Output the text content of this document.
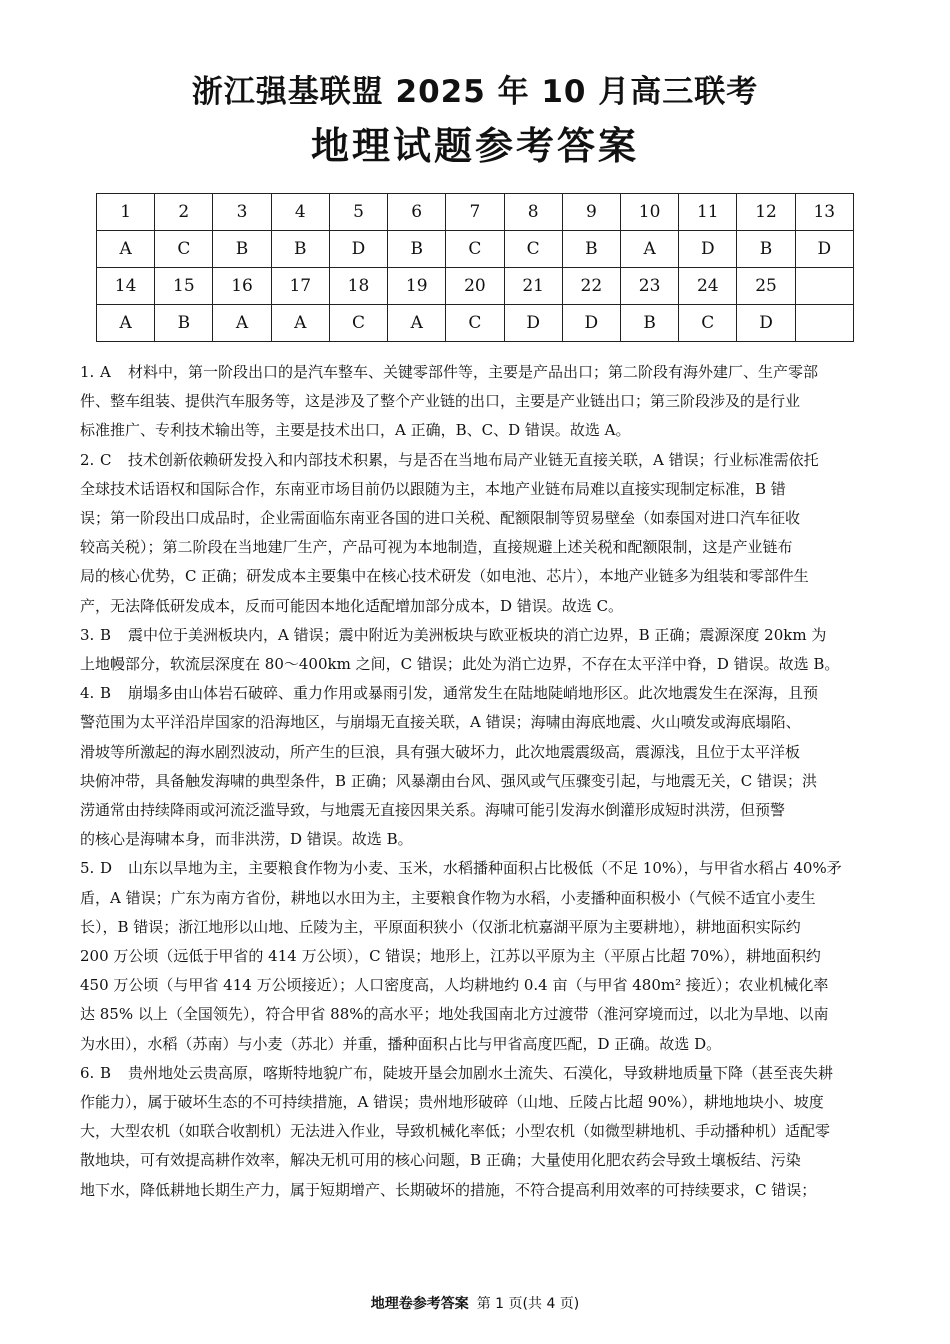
浙江强基联盟 2025 年 10 月高三联考
地理试题参考答案
1	2	3	4	5	6	7	8	9	10	11	12	13
A	C	B	B	D	B	C	C	B	A	D	B	D
14	15	16	17	18	19	20	21	22	23	24	25	
A	B	A	A	C	A	C	D	D	B	C	D	
1. A 材料中，第一阶段出口的是汽车整车、关键零部件等，主要是产品出口；第二阶段有海外建厂、生产零部
件、整车组装、提供汽车服务等，这是涉及了整个产业链的出口，主要是产业链出口；第三阶段涉及的是行业
标准推广、专利技术输出等，主要是技术出口，A 正确，B、C、D 错误。故选 A。
2. C 技术创新依赖研发投入和内部技术积累，与是否在当地布局产业链无直接关联，A 错误；行业标准需依托
全球技术话语权和国际合作，东南亚市场目前仍以跟随为主，本地产业链布局难以直接实现制定标准，B 错
误；第一阶段出口成品时，企业需面临东南亚各国的进口关税、配额限制等贸易壁垒（如泰国对进口汽车征收
较高关税）；第二阶段在当地建厂生产，产品可视为本地制造，直接规避上述关税和配额限制，这是产业链布
局的核心优势，C 正确；研发成本主要集中在核心技术研发（如电池、芯片），本地产业链多为组装和零部件生
产，无法降低研发成本，反而可能因本地化适配增加部分成本，D 错误。故选 C。
3. B 震中位于美洲板块内，A 错误；震中附近为美洲板块与欧亚板块的消亡边界，B 正确；震源深度 20km 为
上地幔部分，软流层深度在 80～400km 之间，C 错误；此处为消亡边界，不存在太平洋中脊，D 错误。故选 B。
4. B 崩塌多由山体岩石破碎、重力作用或暴雨引发，通常发生在陆地陡峭地形区。此次地震发生在深海，且预
警范围为太平洋沿岸国家的沿海地区，与崩塌无直接关联，A 错误；海啸由海底地震、火山喷发或海底塌陷、
滑坡等所激起的海水剧烈波动，所产生的巨浪，具有强大破坏力，此次地震震级高，震源浅，且位于太平洋板
块俯冲带，具备触发海啸的典型条件，B 正确；风暴潮由台风、强风或气压骤变引起，与地震无关，C 错误；洪
涝通常由持续降雨或河流泛滥导致，与地震无直接因果关系。海啸可能引发海水倒灌形成短时洪涝，但预警
的核心是海啸本身，而非洪涝，D 错误。故选 B。
5. D 山东以旱地为主，主要粮食作物为小麦、玉米，水稻播种面积占比极低（不足 10%），与甲省水稻占 40%矛
盾，A 错误；广东为南方省份，耕地以水田为主，主要粮食作物为水稻，小麦播种面积极小（气候不适宜小麦生
长），B 错误；浙江地形以山地、丘陵为主，平原面积狭小（仅浙北杭嘉湖平原为主要耕地），耕地面积实际约
200 万公顷（远低于甲省的 414 万公顷），C 错误；地形上，江苏以平原为主（平原占比超 70%），耕地面积约
450 万公顷（与甲省 414 万公顷接近）；人口密度高，人均耕地约 0.4 亩（与甲省 480m² 接近）；农业机械化率
达 85% 以上（全国领先），符合甲省 88%的高水平；地处我国南北方过渡带（淮河穿境而过，以北为旱地、以南
为水田），水稻（苏南）与小麦（苏北）并重，播种面积占比与甲省高度匹配，D 正确。故选 D。
6. B 贵州地处云贵高原，喀斯特地貌广布，陡坡开垦会加剧水土流失、石漠化，导致耕地质量下降（甚至丧失耕
作能力），属于破坏生态的不可持续措施，A 错误；贵州地形破碎（山地、丘陵占比超 90%），耕地地块小、坡度
大，大型农机（如联合收割机）无法进入作业，导致机械化率低；小型农机（如微型耕地机、手动播种机）适配零
散地块，可有效提高耕作效率，解决无机可用的核心问题，B 正确；大量使用化肥农药会导致土壤板结、污染
地下水，降低耕地长期生产力，属于短期增产、长期破坏的措施，不符合提高利用效率的可持续要求，C 错误；
地理卷参考答案 第 1 页(共 4 页)
